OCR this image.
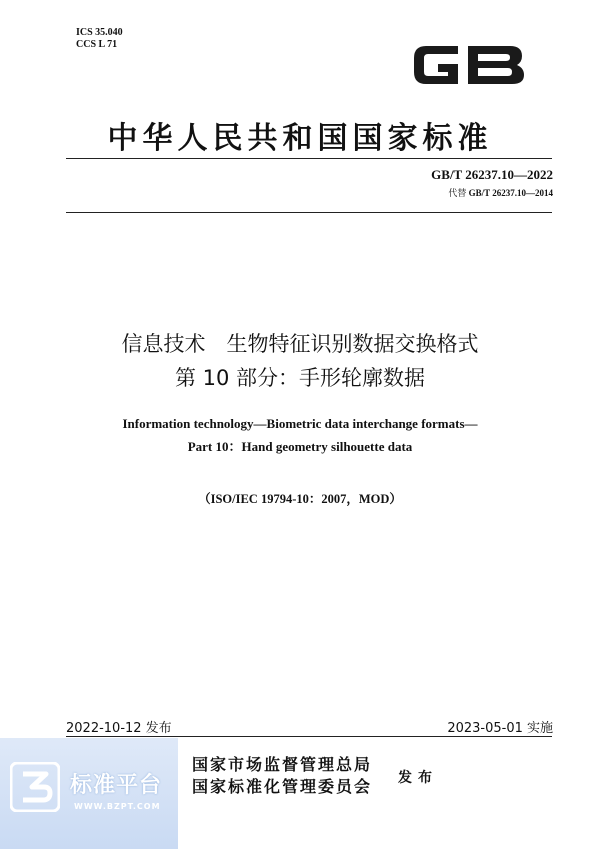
ICS 35.040
CCS L 71
中华人民共和国国家标准
GB/T 26237.10—2022
代替 GB/T 26237.10—2014
信息技术　生物特征识别数据交换格式
第 10 部分：手形轮廓数据
Information technology—Biometric data interchange formats—
Part 10：Hand geometry silhouette data
（ISO/IEC 19794-10：2007，MOD）
2022-10-12 发布	2023-05-01 实施
标准平台
WWW.BZPT.COM
国家市场监督管理总局
国家标准化管理委员会 发布
